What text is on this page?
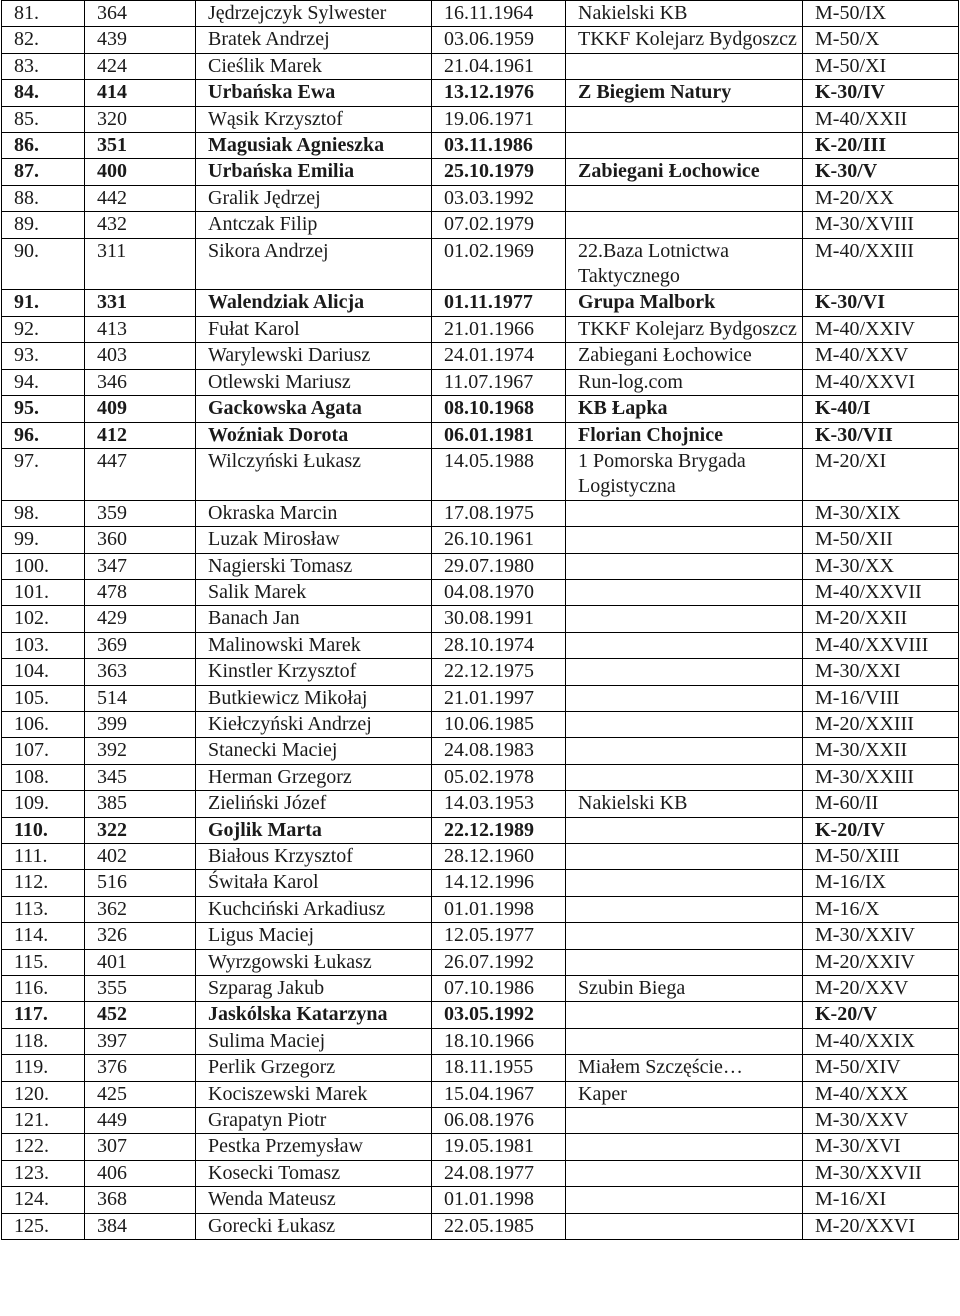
81.	364	Jędrzejczyk Sylwester	16.11.1964	Nakielski KB	M-50/IX
82.	439	Bratek Andrzej	03.06.1959	TKKF Kolejarz Bydgoszcz	M-50/X
83.	424	Cieślik Marek	21.04.1961		M-50/XI
84.	414	Urbańska Ewa	13.12.1976	Z Biegiem Natury	K-30/IV
85.	320	Wąsik Krzysztof	19.06.1971		M-40/XXII
86.	351	Magusiak Agnieszka	03.11.1986		K-20/III
87.	400	Urbańska Emilia	25.10.1979	Zabiegani Łochowice	K-30/V
88.	442	Gralik Jędrzej	03.03.1992		M-20/XX
89.	432	Antczak Filip	07.02.1979		M-30/XVIII
90.	311	Sikora Andrzej	01.02.1969	22.Baza Lotnictwa Taktycznego	M-40/XXIII
91.	331	Walendziak Alicja	01.11.1977	Grupa Malbork	K-30/VI
92.	413	Fułat Karol	21.01.1966	TKKF Kolejarz Bydgoszcz	M-40/XXIV
93.	403	Warylewski Dariusz	24.01.1974	Zabiegani Łochowice	M-40/XXV
94.	346	Otlewski Mariusz	11.07.1967	Run-log.com	M-40/XXVI
95.	409	Gackowska Agata	08.10.1968	KB Łapka	K-40/I
96.	412	Woźniak Dorota	06.01.1981	Florian Chojnice	K-30/VII
97.	447	Wilczyński Łukasz	14.05.1988	1 Pomorska Brygada Logistyczna	M-20/XI
98.	359	Okraska Marcin	17.08.1975		M-30/XIX
99.	360	Luzak Mirosław	26.10.1961		M-50/XII
100.	347	Nagierski Tomasz	29.07.1980		M-30/XX
101.	478	Salik Marek	04.08.1970		M-40/XXVII
102.	429	Banach Jan	30.08.1991		M-20/XXII
103.	369	Malinowski Marek	28.10.1974		M-40/XXVIII
104.	363	Kinstler Krzysztof	22.12.1975		M-30/XXI
105.	514	Butkiewicz Mikołaj	21.01.1997		M-16/VIII
106.	399	Kiełczyński Andrzej	10.06.1985		M-20/XXIII
107.	392	Stanecki Maciej	24.08.1983		M-30/XXII
108.	345	Herman Grzegorz	05.02.1978		M-30/XXIII
109.	385	Zieliński Józef	14.03.1953	Nakielski KB	M-60/II
110.	322	Gojlik Marta	22.12.1989		K-20/IV
111.	402	Białous Krzysztof	28.12.1960		M-50/XIII
112.	516	Świtała Karol	14.12.1996		M-16/IX
113.	362	Kuchciński Arkadiusz	01.01.1998		M-16/X
114.	326	Ligus Maciej	12.05.1977		M-30/XXIV
115.	401	Wyrzgowski Łukasz	26.07.1992		M-20/XXIV
116.	355	Szparag Jakub	07.10.1986	Szubin Biega	M-20/XXV
117.	452	Jaskólska Katarzyna	03.05.1992		K-20/V
118.	397	Sulima Maciej	18.10.1966		M-40/XXIX
119.	376	Perlik Grzegorz	18.11.1955	Miałem Szczęście…	M-50/XIV
120.	425	Kociszewski Marek	15.04.1967	Kaper	M-40/XXX
121.	449	Grapatyn Piotr	06.08.1976		M-30/XXV
122.	307	Pestka Przemysław	19.05.1981		M-30/XVI
123.	406	Kosecki Tomasz	24.08.1977		M-30/XXVII
124.	368	Wenda Mateusz	01.01.1998		M-16/XI
125.	384	Gorecki Łukasz	22.05.1985		M-20/XXVI
